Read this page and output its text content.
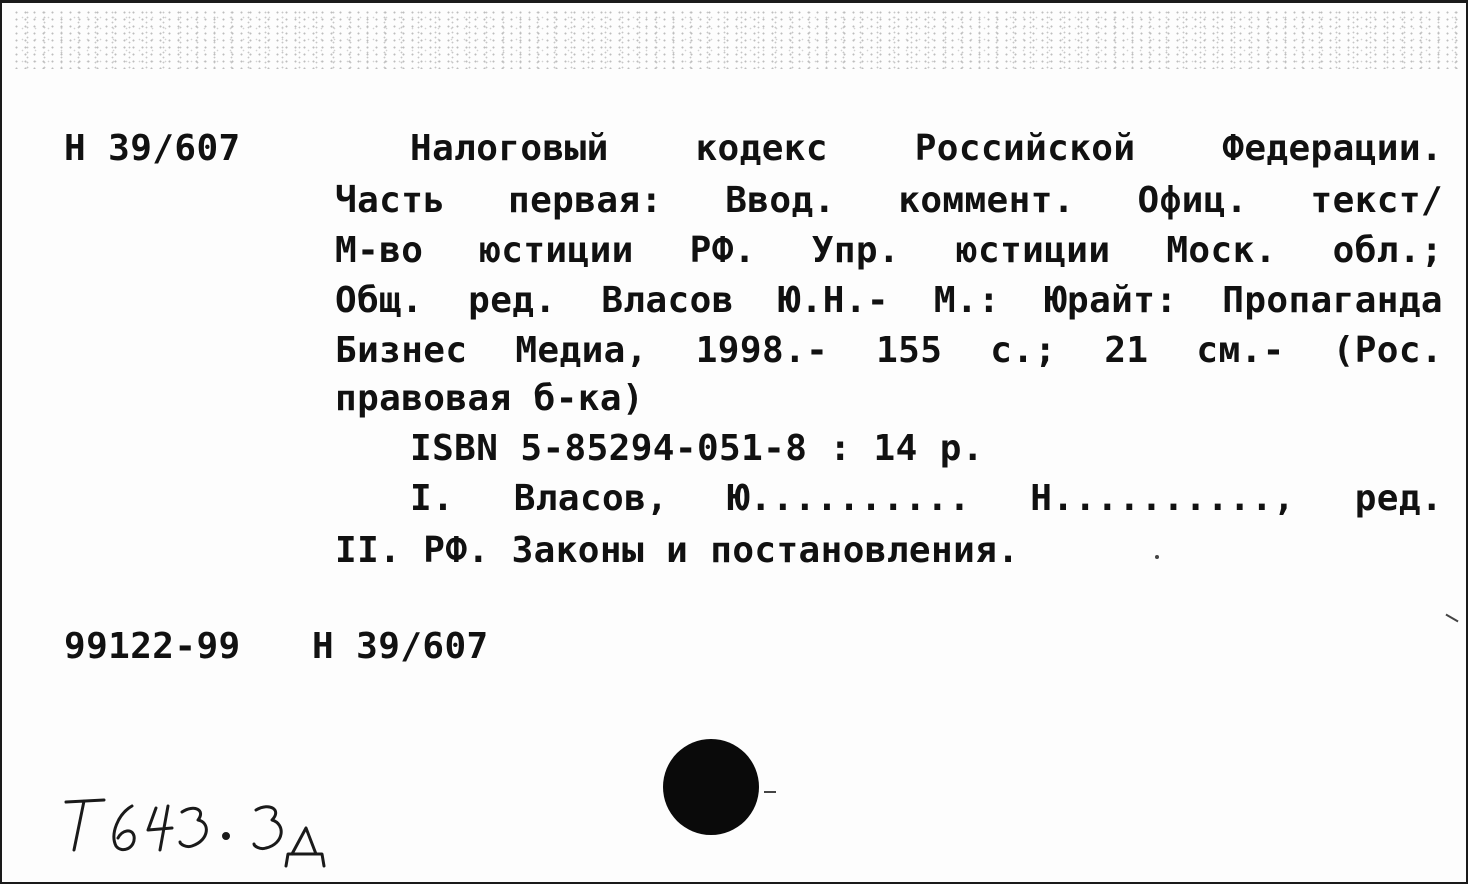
Н 39/607	Налоговый кодекс Российской Федерации.
Часть первая: Ввод. коммент. Офиц. текст/
М-во юстиции РФ. Упр. юстиции Моск. обл.;
Общ. ред. Власов Ю.Н.- М.: Юрайт: Пропаганда
Бизнес Медиа, 1998.- 155 с.; 21 см.- (Рос.
правовая б-ка)
ISBN 5-85294-051-8 : 14 р.
I. Власов, Ю.......... Н.........., ред.
II. РФ. Законы и постановления.
99122-99 Н 39/607
